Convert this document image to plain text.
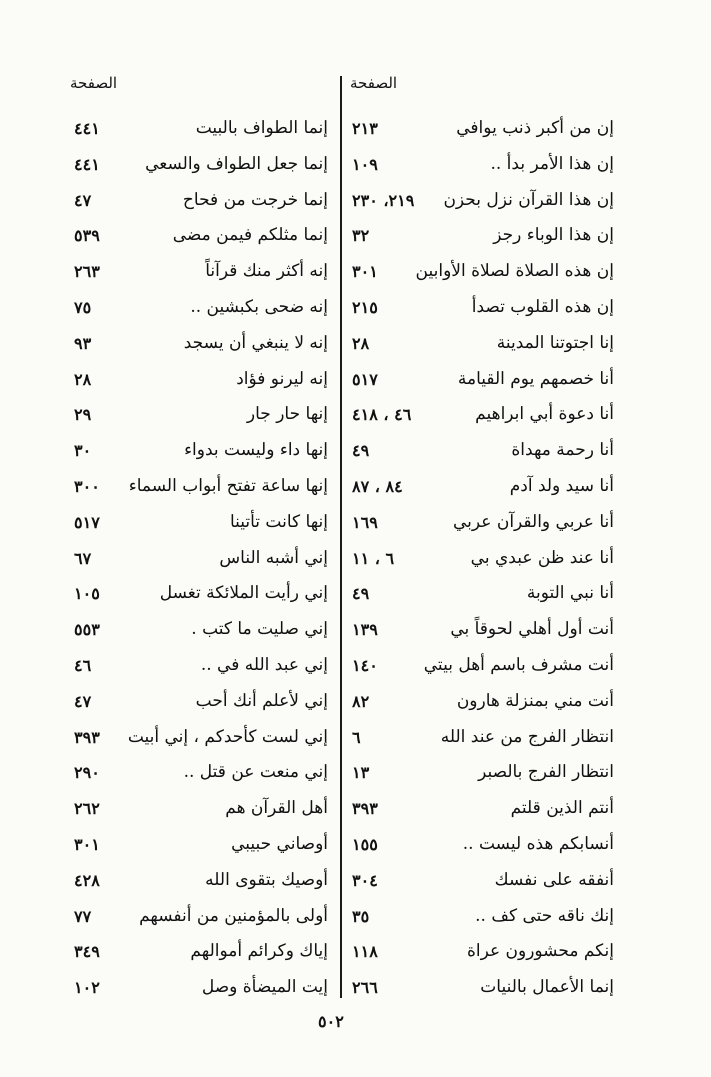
الصفحة
إن من أكبر ذنب يوافي
٢١٣
إن هذا الأمر بدأ ..
١٠٩
إن هذا القرآن نزل بحزن
٢١٩، ٢٣٠
إن هذا الوباء رجز
٣٢
إن هذه الصلاة لصلاة الأوابين
٣٠١
إن هذه القلوب تصدأ
٢١٥
إنا اجتوتنا المدينة
٢٨
أنا خصمهم يوم القيامة
٥١٧
أنا دعوة أبي ابراهيم
٤٦ ، ٤١٨
أنا رحمة مهداة
٤٩
أنا سيد ولد آدم
٨٤ ، ٨٧
أنا عربي والقرآن عربي
١٦٩
أنا عند ظن عبدي بي
٦ ، ١١
أنا نبي التوبة
٤٩
أنت أول أهلي لحوقاً بي
١٣٩
أنت مشرف باسم أهل بيتي
١٤٠
أنت مني بمنزلة هارون
٨٢
انتظار الفرج من عند الله
٦
انتظار الفرج بالصبر
١٣
أنتم الذين قلتم
٣٩٣
أنسابكم هذه ليست ..
١٥٥
أنفقه على نفسك
٣٠٤
إنك ناقه حتى كف ..
٣٥
إنكم محشورون عراة
١١٨
إنما الأعمال بالنيات
٢٦٦
الصفحة
إنما الطواف بالبيت
٤٤١
إنما جعل الطواف والسعي
٤٤١
إنما خرجت من فحاح
٤٧
إنما مثلكم فيمن مضى
٥٣٩
إنه أكثر منك قرآناً
٢٦٣
إنه ضحى بكبشين ..
٧٥
إنه لا ينبغي أن يسجد
٩٣
إنه ليرنو فؤاد
٢٨
إنها حار جار
٢٩
إنها داء وليست بدواء
٣٠
إنها ساعة تفتح أبواب السماء
٣٠٠
إنها كانت تأتينا
٥١٧
إني أشبه الناس
٦٧
إني رأيت الملائكة تغسل
١٠٥
إني صليت ما كتب .
٥٥٣
إني عبد الله في ..
٤٦
إني لأعلم أنك أحب
٤٧
إني لست كأحدكم ، إني أبيت
٣٩٣
إني منعت عن قتل ..
٢٩٠
أهل القرآن هم
٢٦٢
أوصاني حبيبي
٣٠١
أوصيك بتقوى الله
٤٢٨
أولى بالمؤمنين من أنفسهم
٧٧
إياك وكرائم أموالهم
٣٤٩
إيت الميضأة وصل
١٠٢
٥٠٢
